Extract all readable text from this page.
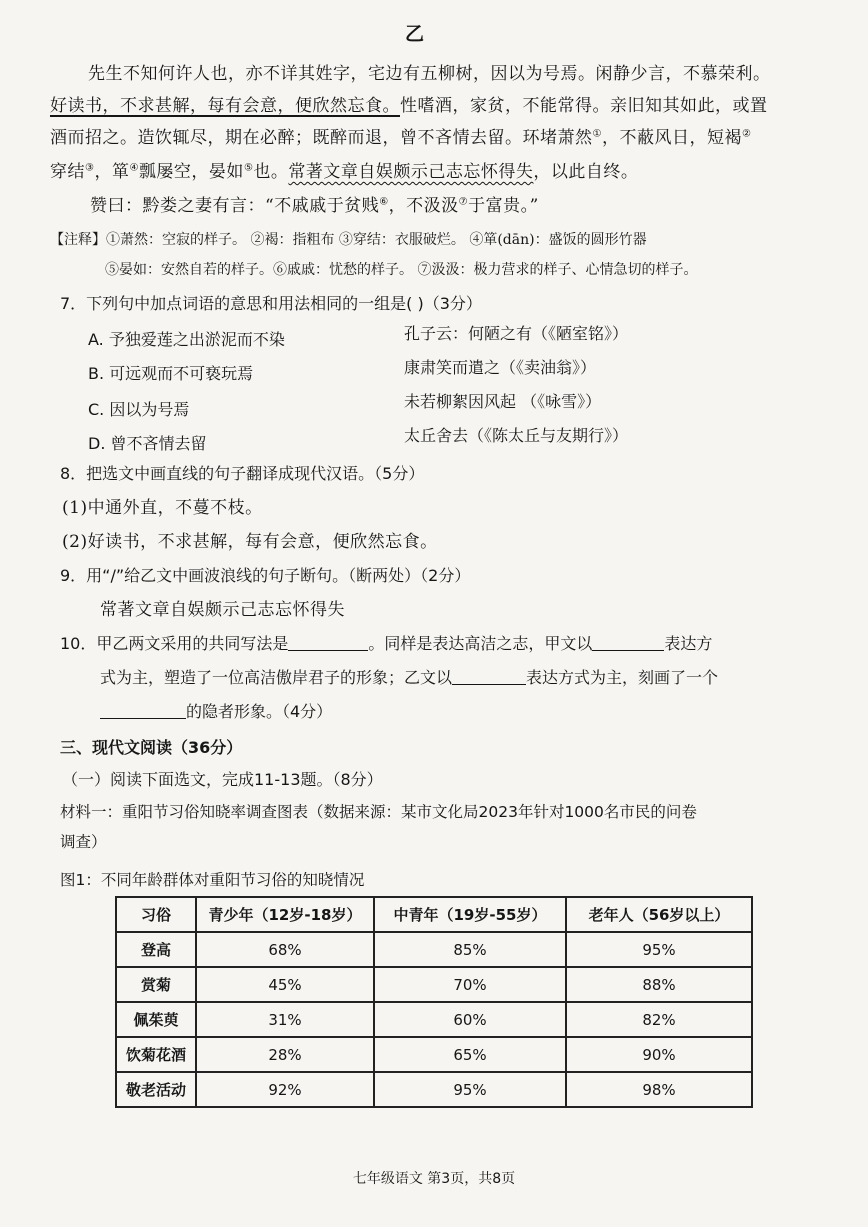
乙
先生不知何许人也，亦不详其姓字，宅边有五柳树，因以为号焉。闲静少言，不慕荣利。
好读书，不求甚解，每有会意，便欣然忘食。性嗜酒，家贫，不能常得。亲旧知其如此，或置
酒而招之。造饮辄尽，期在必醉；既醉而退，曾不吝情去留。环堵萧然①，不蔽风日，短褐②
穿结③，箪④瓢屡空，晏如⑤也。常著文章自娱颇示己志忘怀得失，以此自终。
赞曰：黔娄之妻有言：“不戚戚于贫贱⑥，不汲汲⑦于富贵。”
【注释】①萧然：空寂的样子。 ②褐：指粗布 ③穿结：衣服破烂。 ④箪(dān)：盛饭的圆形竹器
⑤晏如：安然自若的样子。⑥戚戚：忧愁的样子。 ⑦汲汲：极力营求的样子、心情急切的样子。
7．下列句中加点词语的意思和用法相同的一组是( )（3分）
A. 予独爱莲之出淤泥而不染	孔子云：何陋之有（《陋室铭》）
B. 可远观而不可亵玩焉	康肃笑而遣之（《卖油翁》）
C. 因以为号焉	未若柳絮因风起 （《咏雪》）
D. 曾不吝情去留	太丘舍去（《陈太丘与友期行》）
8．把选文中画直线的句子翻译成现代汉语。（5分）
(1)中通外直，不蔓不枝。
(2)好读书，不求甚解，每有会意，便欣然忘食。
9．用“/”给乙文中画波浪线的句子断句。（断两处）（2分）
常著文章自娱颇示己志忘怀得失
10．甲乙两文采用的共同写法是	。同样是表达高洁之志，甲文以	表达方
式为主，塑造了一位高洁傲岸君子的形象；乙文以	表达方式为主，刻画了一个
的隐者形象。（4分）
三、现代文阅读（36分）
（一）阅读下面选文，完成11-13题。（8分）
材料一：重阳节习俗知晓率调查图表（数据来源：某市文化局2023年针对1000名市民的问卷
调查）
图1：不同年龄群体对重阳节习俗的知晓情况
习俗	青少年（12岁-18岁）	中青年（19岁-55岁）	老年人（56岁以上）
登高	68%	85%	95%
赏菊	45%	70%	88%
佩茱萸	31%	60%	82%
饮菊花酒	28%	65%	90%
敬老活动	92%	95%	98%
七年级语文 第3页，共8页
